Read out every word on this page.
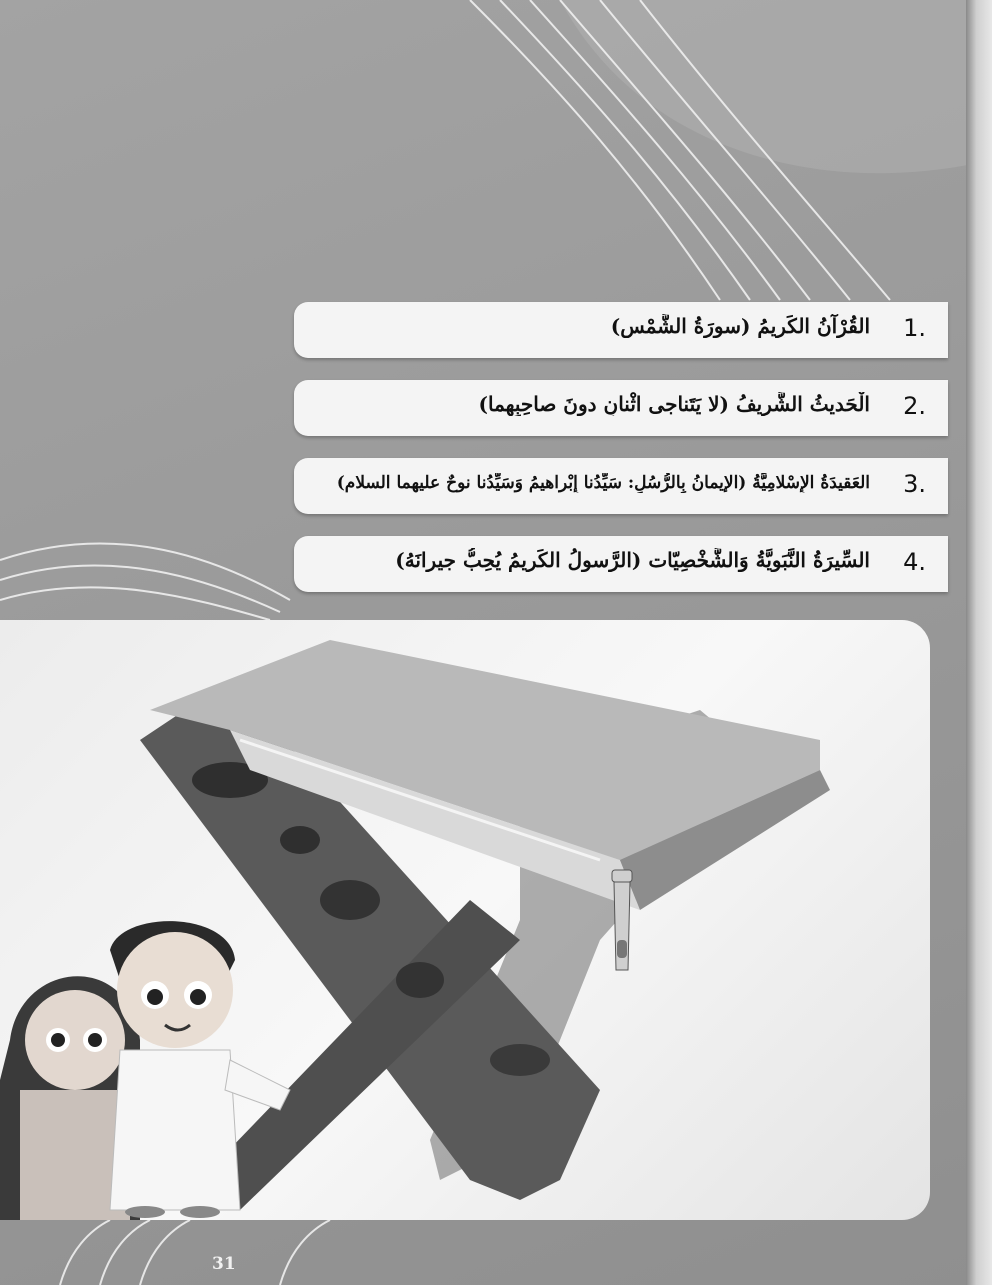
1.
القُرْآنُ الكَرِيمُ (سورَةُ الشَّمْسِ)
2.
الْحَديثُ الشَّريفُ (لا يَتَناجى اثْنانِ دونَ صاحِبِهِما)
3.
العَقيدَةُ الإِسْلامِيَّةُ (الإيمانُ بِالرُّسُلِ: سَيِّدُنا إِبْراهيمُ وَسَيِّدُنا نوحٌ عليهما السلام)
4.
السِّيرَةُ النَّبَوِيَّةُ وَالشَّخْصِيّات (الرَّسولُ الكَريمُ يُحِبُّ جيرانَهُ)
31
